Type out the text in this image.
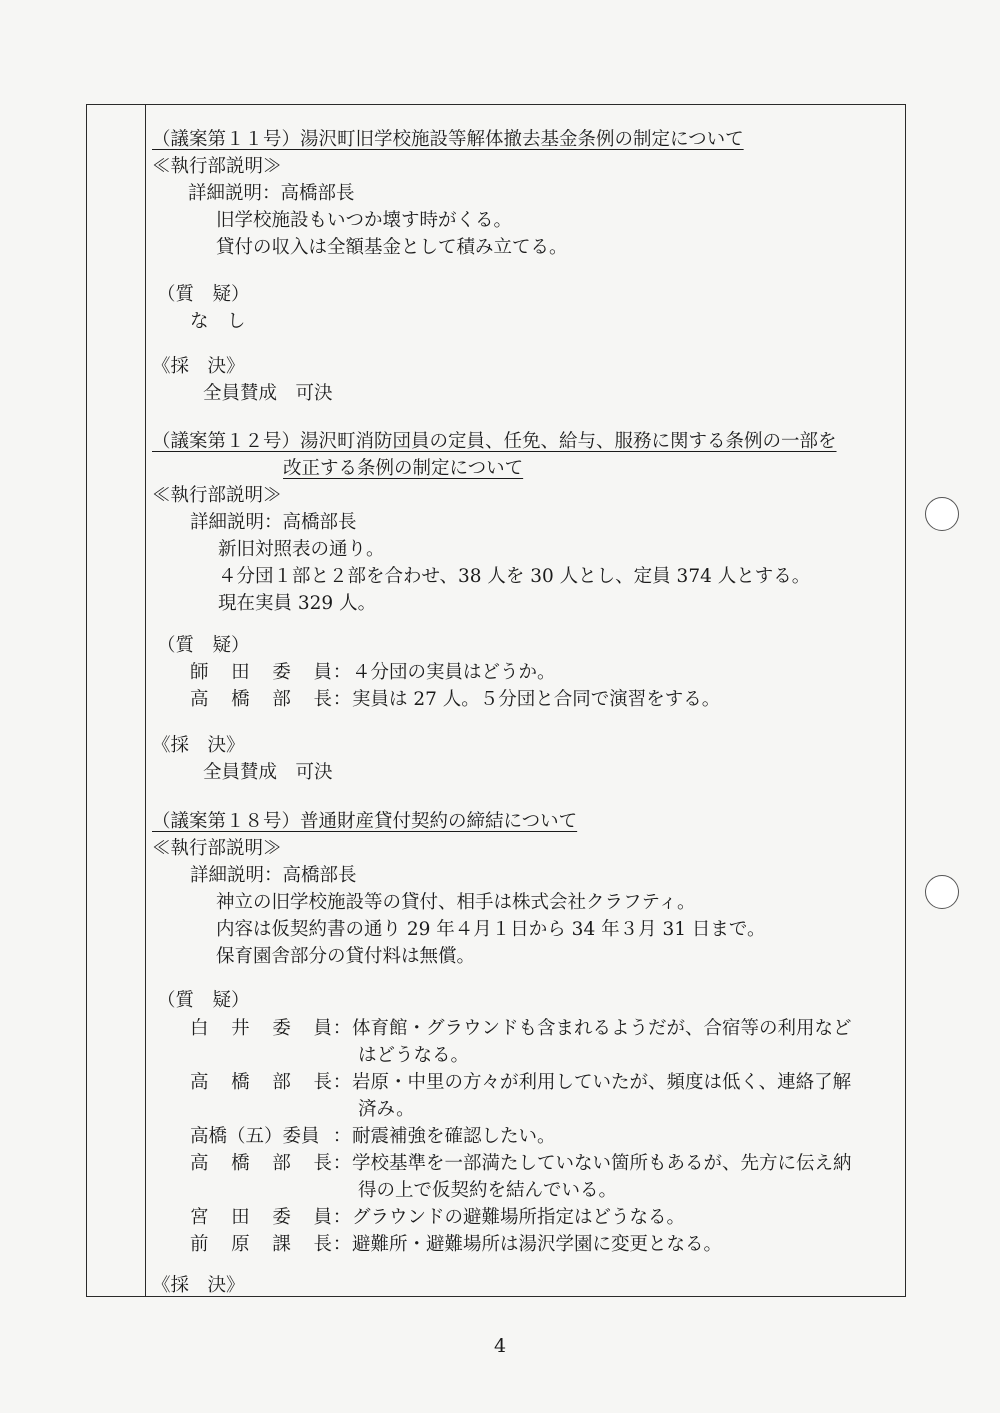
（議案第１１号）湯沢町旧学校施設等解体撤去基金条例の制定について
≪執行部説明≫
詳細説明：高橋部長
旧学校施設もいつか壊す時がくる。
貸付の収入は全額基金として積み立てる。
（質　疑）
な　し
《採　決》
全員賛成　可決
（議案第１２号）湯沢町消防団員の定員、任免、給与、服務に関する条例の一部を
改正する条例の制定について
≪執行部説明≫
詳細説明：高橋部長
新旧対照表の通り。
４分団１部と２部を合わせ、38 人を 30 人とし、定員 374 人とする。
現在実員 329 人。
（質　疑）
師田委員：４分団の実員はどうか。
高橋部長：実員は 27 人。５分団と合同で演習をする。
《採　決》
全員賛成　可決
（議案第１８号）普通財産貸付契約の締結について
≪執行部説明≫
詳細説明：高橋部長
神立の旧学校施設等の貸付、相手は株式会社クラフティ。
内容は仮契約書の通り 29 年４月１日から 34 年３月 31 日まで。
保育園舎部分の貸付料は無償。
（質　疑）
白井委員：体育館・グラウンドも含まれるようだが、合宿等の利用など
はどうなる。
高橋部長：岩原・中里の方々が利用していたが、頻度は低く、連絡了解
済み。
高橋（五）委員 ：耐震補強を確認したい。
高橋部長：学校基準を一部満たしていない箇所もあるが、先方に伝え納
得の上で仮契約を結んでいる。
宮田委員：グラウンドの避難場所指定はどうなる。
前原課長：避難所・避難場所は湯沢学園に変更となる。
《採　決》
4
